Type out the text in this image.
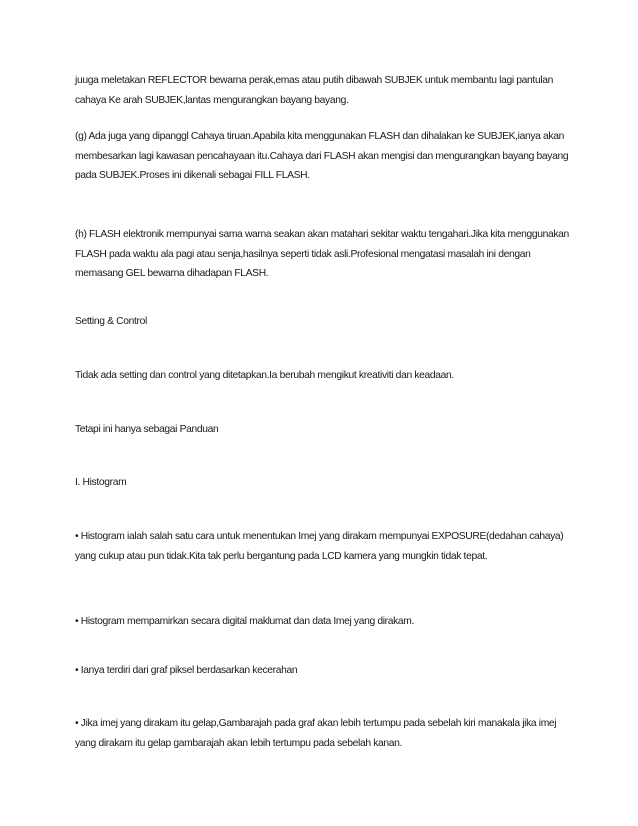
juuga meletakan REFLECTOR bewarna perak,emas atau putih dibawah SUBJEK untuk membantu lagi pantulan cahaya Ke arah SUBJEK,lantas mengurangkan bayang bayang.

(g) Ada juga yang dipanggl Cahaya tiruan.Apabila kita menggunakan FLASH dan dihalakan ke SUBJEK,ianya akan membesarkan lagi kawasan pencahayaan itu.Cahaya dari FLASH akan mengisi dan mengurangkan bayang bayang pada SUBJEK.Proses ini dikenali sebagai FILL FLASH.

(h) FLASH elektronik mempunyai sama warna seakan akan matahari sekitar waktu tengahari.Jika kita menggunakan FLASH pada waktu ala pagi atau senja,hasilnya seperti tidak asli.Profesional mengatasi masalah ini dengan memasang GEL bewarna dihadapan FLASH.

Setting & Control

Tidak ada setting dan control yang ditetapkan.Ia berubah mengikut kreativiti dan keadaan.

Tetapi ini hanya sebagai Panduan

I. Histogram

• Histogram ialah salah satu cara untuk menentukan Imej yang dirakam mempunyai EXPOSURE(dedahan cahaya) yang cukup atau pun tidak.Kita tak perlu bergantung pada LCD kamera yang mungkin tidak tepat.

• Histogram mempamirkan secara digital maklumat dan data Imej yang dirakam.

• Ianya terdiri dari graf piksel berdasarkan kecerahan

• Jika imej yang dirakam itu gelap,Gambarajah pada graf akan lebih tertumpu pada sebelah kiri manakala jika imej yang dirakam itu gelap gambarajah akan lebih tertumpu pada sebelah kanan.
